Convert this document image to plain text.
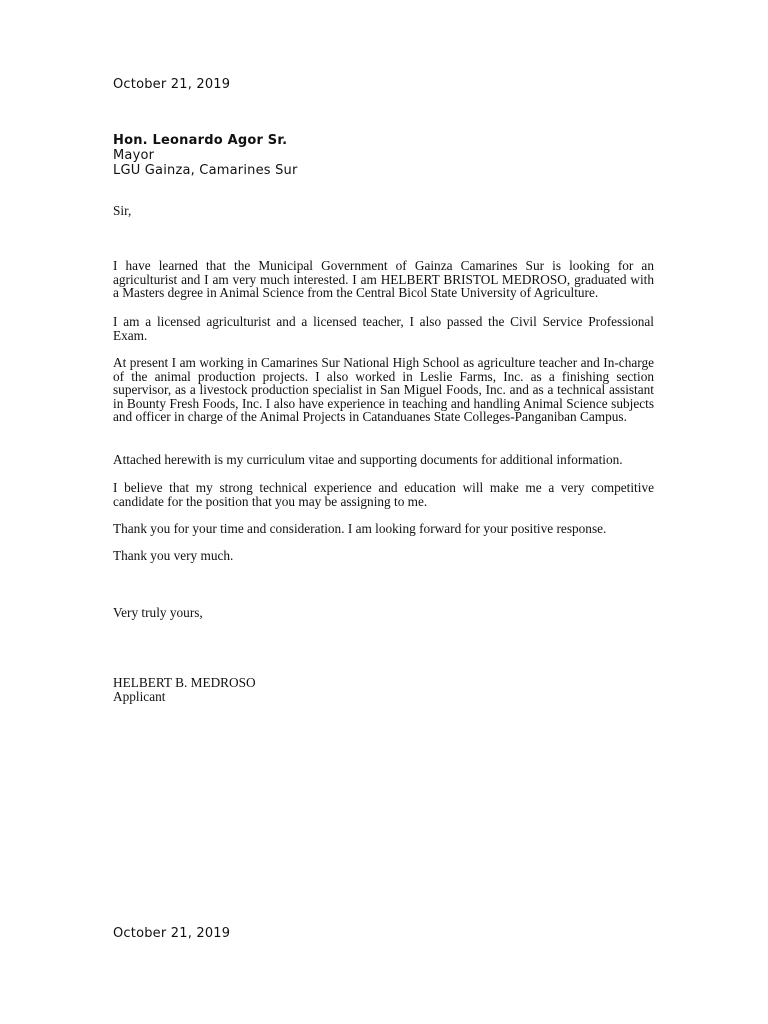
October 21, 2019
Hon. Leonardo Agor Sr.
Mayor
LGU Gainza, Camarines Sur
Sir,
I have learned that the Municipal Government of Gainza Camarines Sur is looking for an agriculturist and I am very much interested. I am HELBERT BRISTOL MEDROSO, graduated with a Masters degree in Animal Science from the Central Bicol State University of Agriculture.
I am a licensed agriculturist and a licensed teacher, I also passed the Civil Service Professional Exam.
At present I am working in Camarines Sur National High School as agriculture teacher and In-charge of the animal production projects. I also worked in Leslie Farms, Inc. as a finishing section supervisor, as a livestock production specialist in San Miguel Foods, Inc. and as a technical assistant in Bounty Fresh Foods, Inc. I also have experience in teaching and handling Animal Science subjects and officer in charge of the Animal Projects in Catanduanes State Colleges-Panganiban Campus.
Attached herewith is my curriculum vitae and supporting documents for additional information.
I believe that my strong technical experience and education will make me a very competitive candidate for the position that you may be assigning to me.
Thank you for your time and consideration. I am looking forward for your positive response.
Thank you very much.
Very truly yours,
HELBERT B. MEDROSO
Applicant
October 21, 2019
